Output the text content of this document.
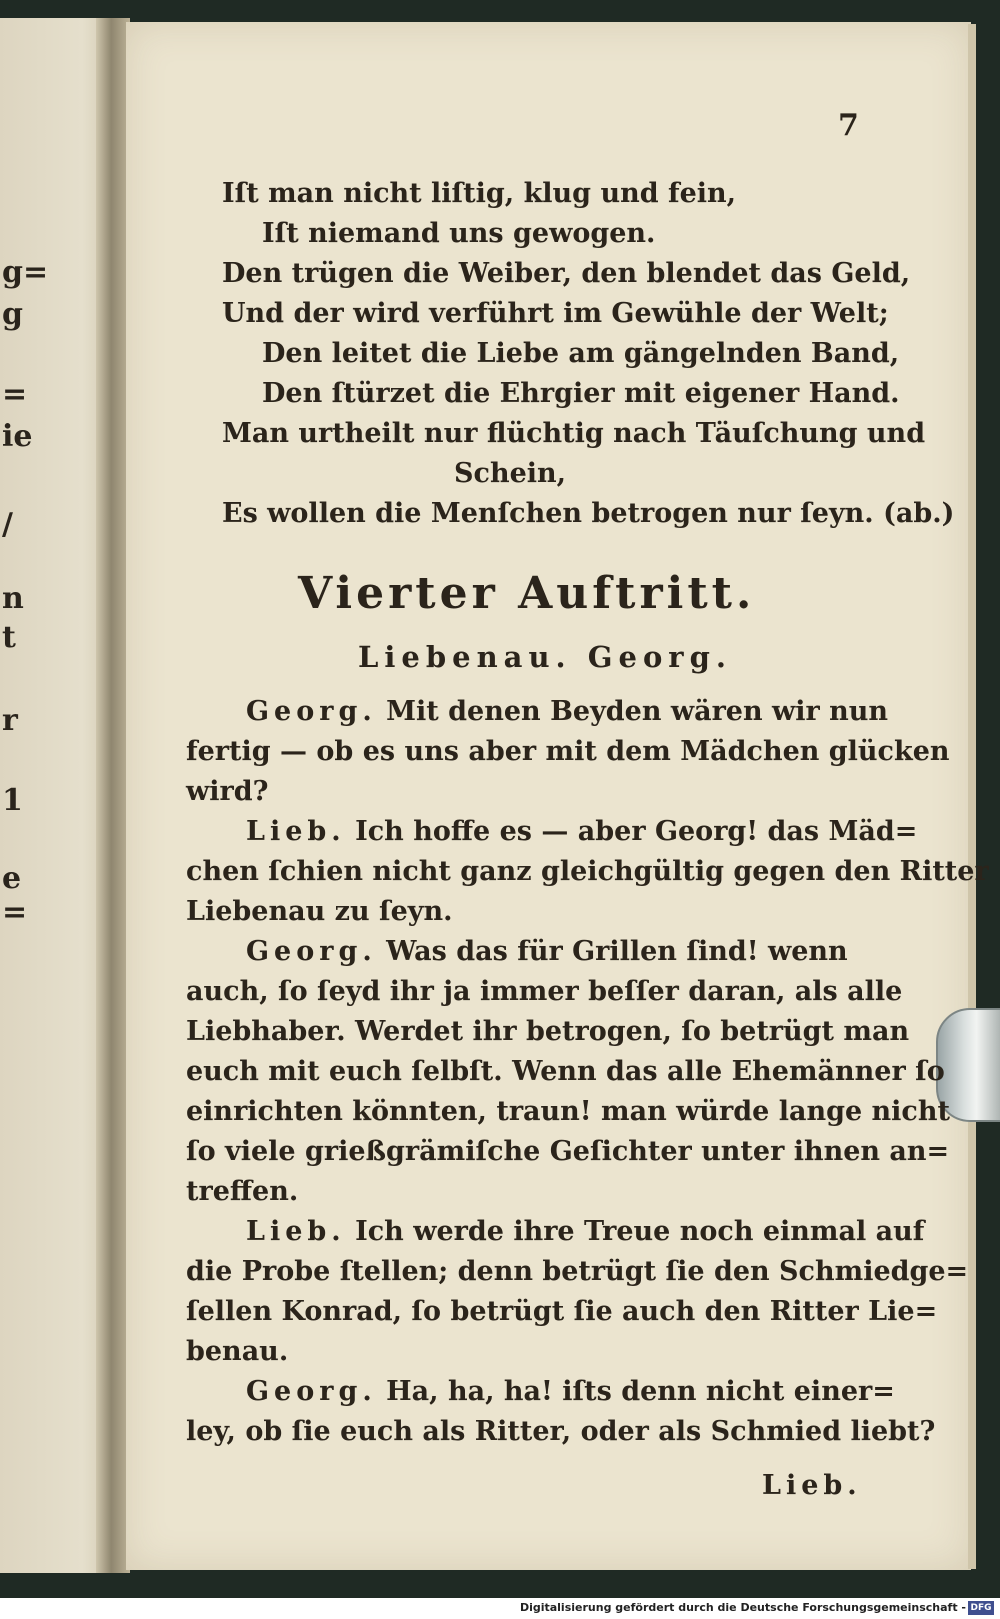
g=
g
=
ie
/
n
t
r
1
e
=
7
Iſt man nicht liſtig, klug und fein,
Iſt niemand uns gewogen.
Den trügen die Weiber, den blendet das Geld,
Und der wird verführt im Gewühle der Welt;
Den leitet die Liebe am gängelnden Band,
Den ſtürzet die Ehrgier mit eigener Hand.
Man urtheilt nur flüchtig nach Täuſchung und
Schein,
Es wollen die Menſchen betrogen nur ſeyn. (ab.)
Vierter Auftritt.
Liebenau. Georg.
Georg. Mit denen Beyden wären wir nun
fertig — ob es uns aber mit dem Mädchen glücken
wird?
Lieb. Ich hoffe es — aber Georg! das Mäd=
chen ſchien nicht ganz gleichgültig gegen den Ritter
Liebenau zu ſeyn.
Georg. Was das für Grillen ſind! wenn
auch, ſo ſeyd ihr ja immer beſſer daran, als alle
Liebhaber. Werdet ihr betrogen, ſo betrügt man
euch mit euch ſelbſt. Wenn das alle Ehemänner ſo
einrichten könnten, traun! man würde lange nicht
ſo viele grießgrämiſche Geſichter unter ihnen an=
treffen.
Lieb. Ich werde ihre Treue noch einmal auf
die Probe ſtellen; denn betrügt ſie den Schmiedge=
ſellen Konrad, ſo betrügt ſie auch den Ritter Lie=
benau.
Georg. Ha, ha, ha! iſts denn nicht einer=
ley, ob ſie euch als Ritter, oder als Schmied liebt?
Lieb.
Digitalisierung gefördert durch die Deutsche Forschungsgemeinschaft - DFG
